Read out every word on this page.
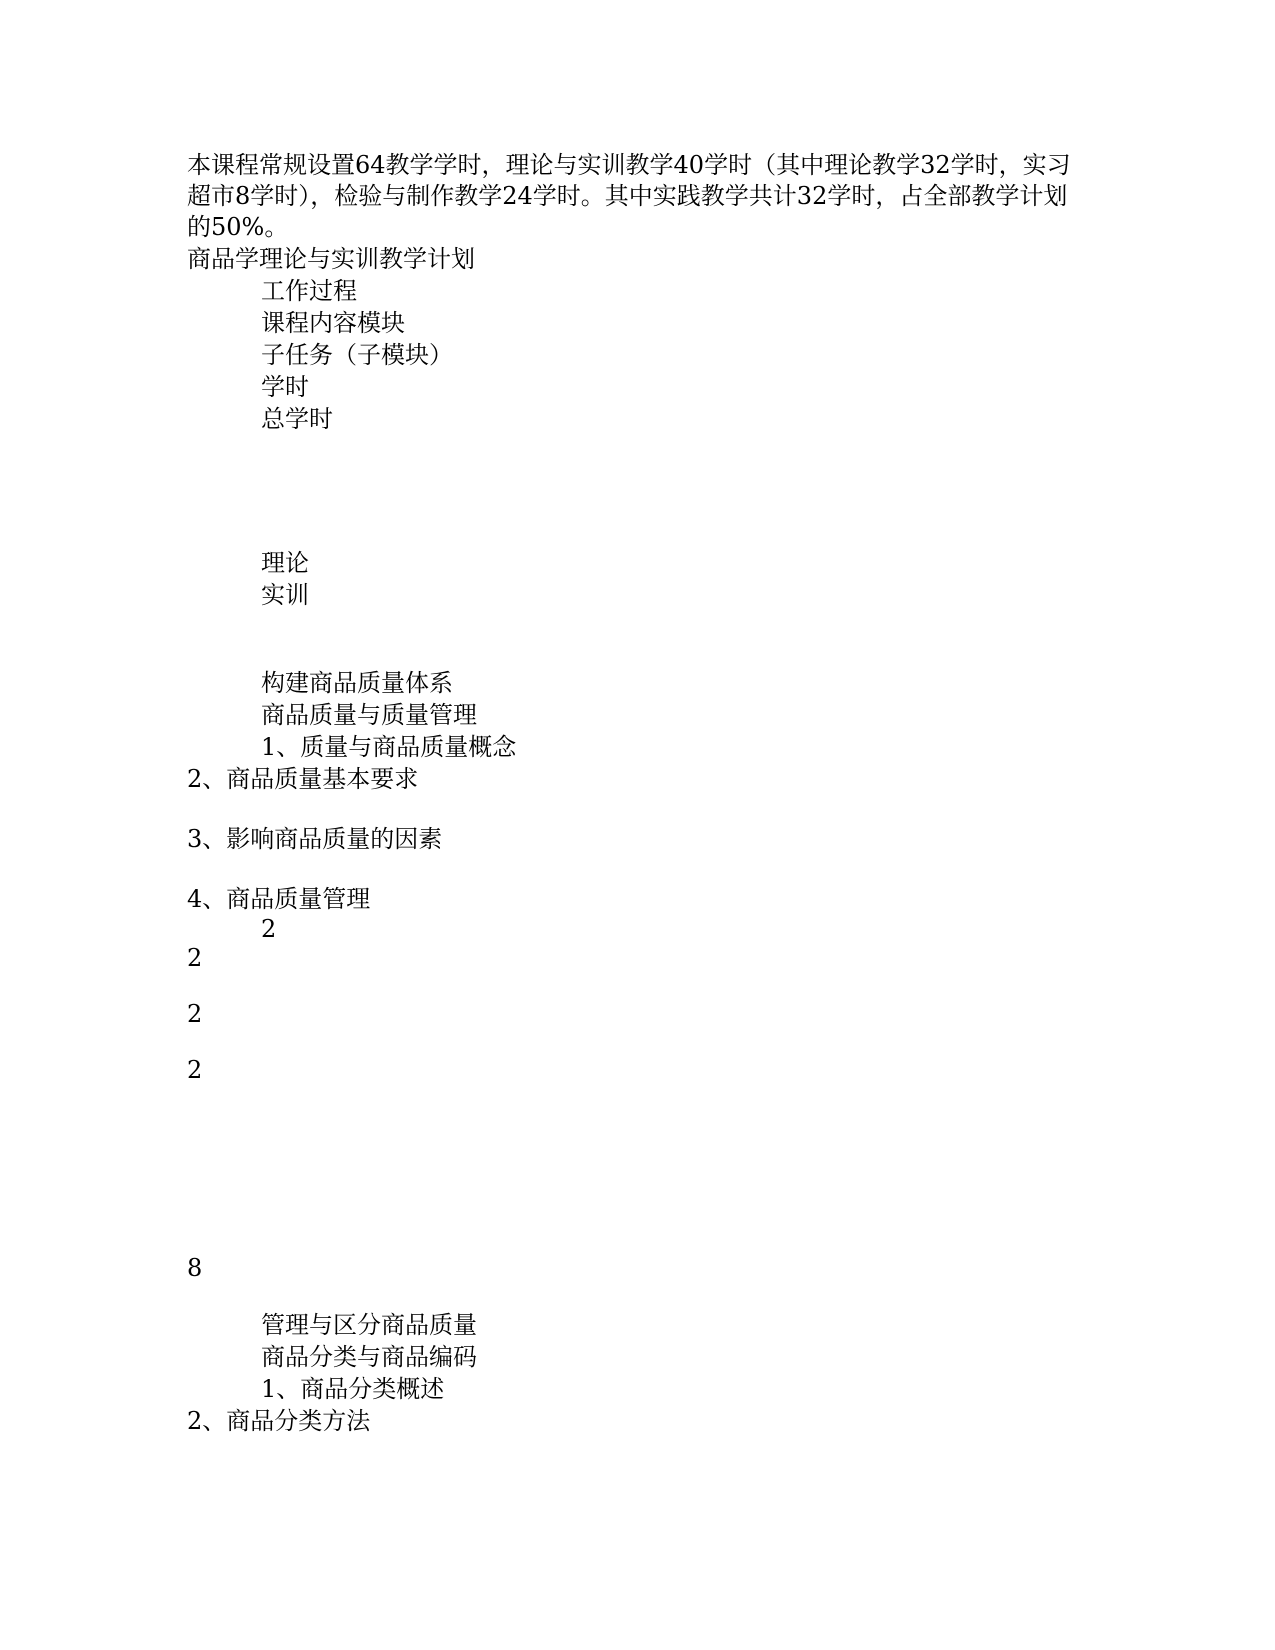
本课程常规设置64教学学时，理论与实训教学40学时（其中理论教学32学时，实习超市8学时），检验与制作教学24学时。其中实践教学共计32学时，占全部教学计划的50%。
商品学理论与实训教学计划
工作过程
课程内容模块
子任务（子模块）
学时
总学时
理论
实训
构建商品质量体系
商品质量与质量管理
1、质量与商品质量概念
2、商品质量基本要求
3、影响商品质量的因素
4、商品质量管理
2
2
2
2
8
管理与区分商品质量
商品分类与商品编码
1、商品分类概述
2、商品分类方法
